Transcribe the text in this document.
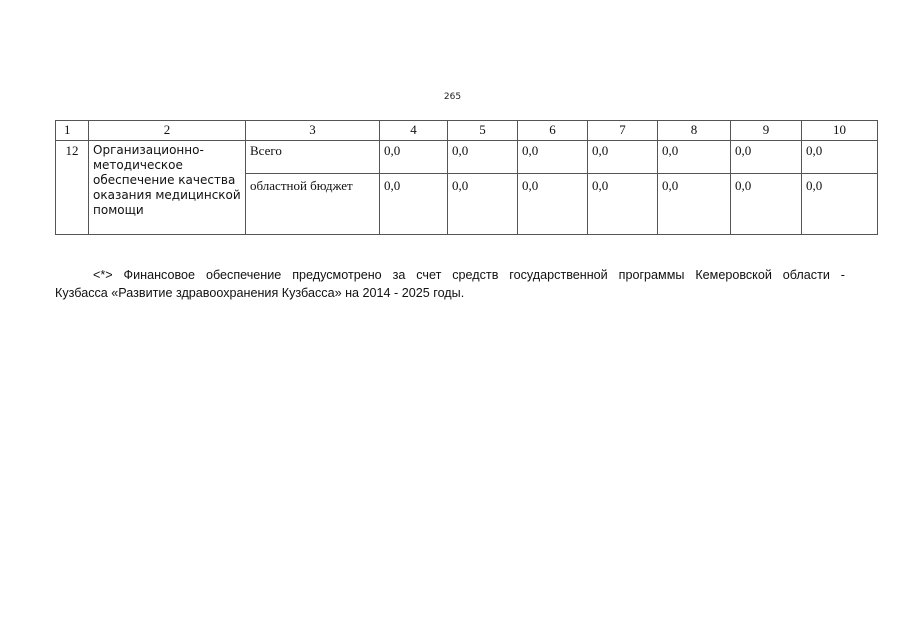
265
1	2	3	4	5	6	7	8	9	10
12	Организационно-методическое обеспечение качества оказания медицинской помощи	Всего	0,0	0,0	0,0	0,0	0,0	0,0	0,0
		областной бюджет	0,0	0,0	0,0	0,0	0,0	0,0	0,0
<*> Финансовое обеспечение предусмотрено за счет средств государственной программы Кемеровской области -
Кузбасса «Развитие здравоохранения Кузбасса» на 2014 - 2025 годы.
